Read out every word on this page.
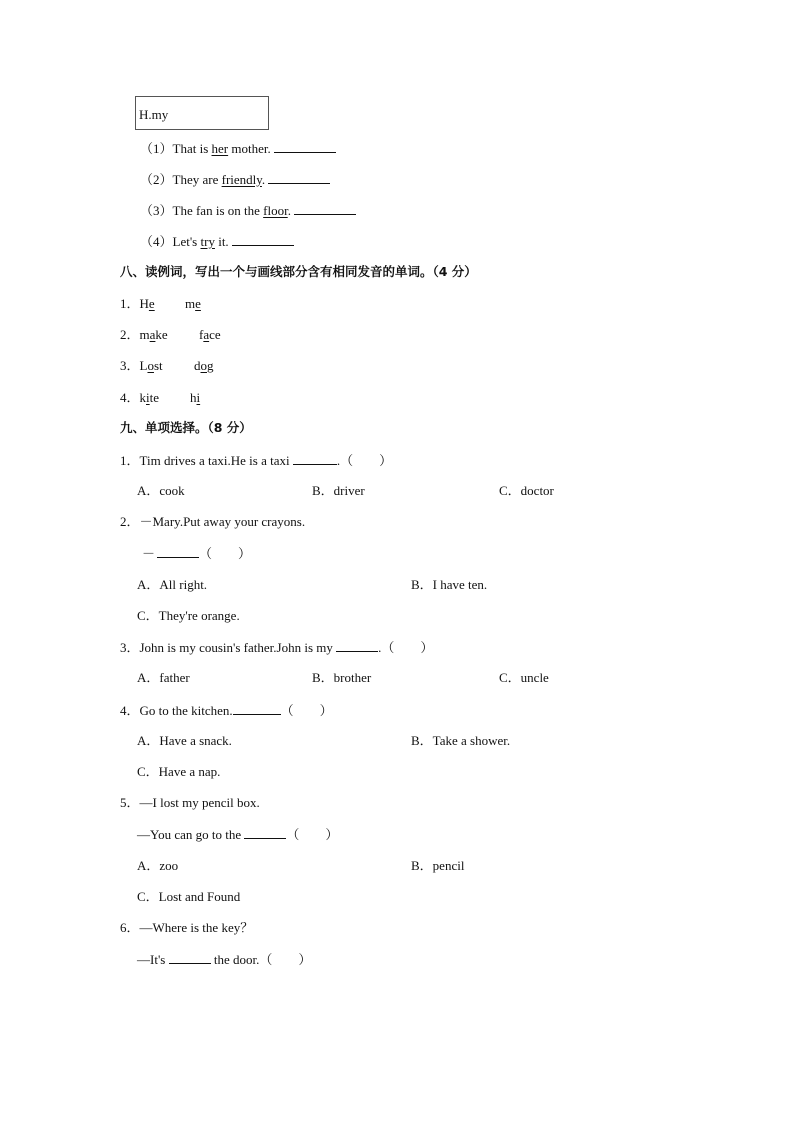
H.my
（1）That is her mother.
（2）They are friendly.
（3）The fan is on the floor.
（4）Let's try it.
八、读例词，写出一个与画线部分含有相同发音的单词。（4 分）
1．He me
2．make face
3．Lost dog
4．kite hi
九、单项选择。（8 分）
1．Tim drives a taxi.He is a taxi	.（　　）
A．cook	B．driver	C．doctor
2．－Mary.Put away your crayons.
－	（　　）
A．All right.	B．I have ten.
C．They're orange.
3．John is my cousin's father.John is my	.（　　）
A．father	B．brother	C．uncle
4．Go to the kitchen.	（　　）
A．Have a snack.	B．Take a shower.
C．Have a nap.
5．—I lost my pencil box.
—You can go to the	（　　）
A．zoo	B．pencil
C．Lost and Found
6．—Where is the key？
—It's	the door.（　　）
